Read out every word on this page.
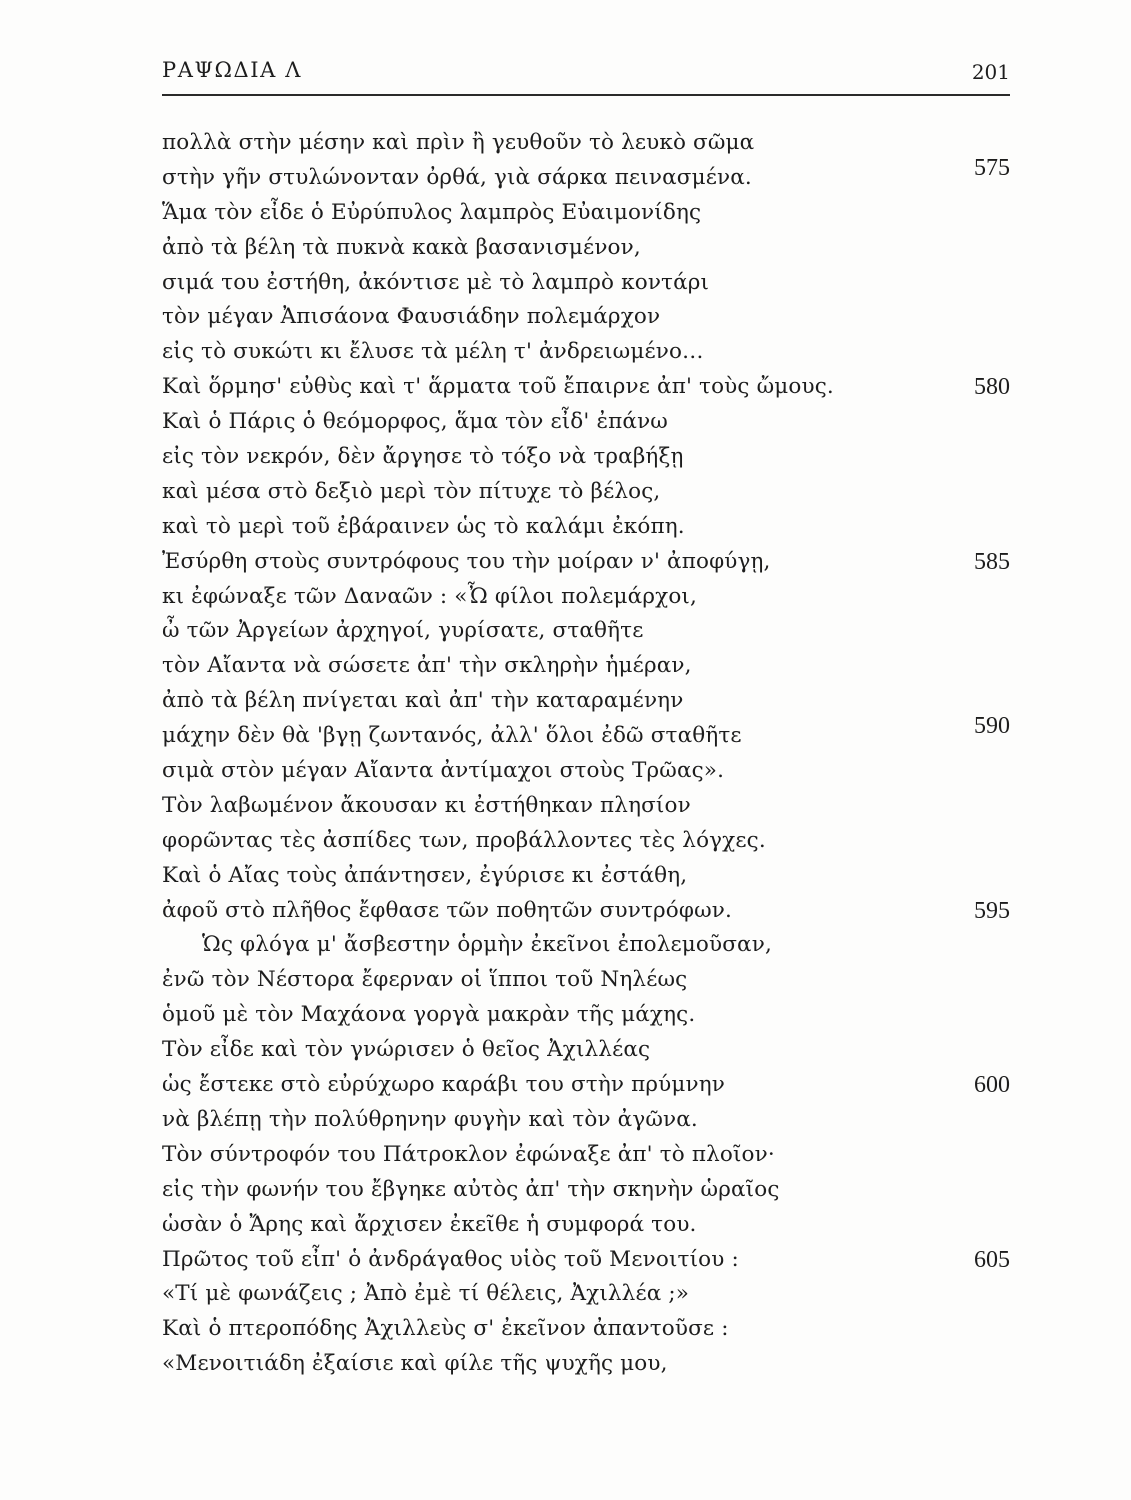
ΡΑΨΩΔΙΑ Λ	201
πολλὰ στὴν μέσην καὶ πρὶν ἢ γευθοῦν τὸ λευκὸ σῶμα
στὴν γῆν στυλώνονταν ὀρθά, γιὰ σάρκα πεινασμένα.	575
Ἅμα τὸν εἶδε ὁ Εὐρύπυλος λαμπρὸς Εὐαιμονίδης
ἀπὸ τὰ βέλη τὰ πυκνὰ κακὰ βασανισμένον,
σιμά του ἐστήθη, ἀκόντισε μὲ τὸ λαμπρὸ κοντάρι
τὸν μέγαν Ἀπισάονα Φαυσιάδην πολεμάρχον
εἰς τὸ συκώτι κι ἔλυσε τὰ μέλη τ' ἀνδρειωμένο…
Καὶ ὅρμησ' εὐθὺς καὶ τ' ἅρματα τοῦ ἔπαιρνε ἀπ' τοὺς ὤμους.	580
Καὶ ὁ Πάρις ὁ θεόμορφος, ἅμα τὸν εἶδ' ἐπάνω
εἰς τὸν νεκρόν, δὲν ἄργησε τὸ τόξο νὰ τραβήξῃ
καὶ μέσα στὸ δεξιὸ μερὶ τὸν πίτυχε τὸ βέλος,
καὶ τὸ μερὶ τοῦ ἐβάραινεν ὡς τὸ καλάμι ἐκόπη.
Ἐσύρθη στοὺς συντρόφους του τὴν μοίραν ν' ἀποφύγῃ,	585
κι ἐφώναξε τῶν Δαναῶν : «Ὦ φίλοι πολεμάρχοι,
ὦ τῶν Ἀργείων ἀρχηγοί, γυρίσατε, σταθῆτε
τὸν Αἴαντα νὰ σώσετε ἀπ' τὴν σκληρὴν ἡμέραν,
ἀπὸ τὰ βέλη πνίγεται καὶ ἀπ' τὴν καταραμένην
μάχην δὲν θὰ 'βγῃ ζωντανός, ἀλλ' ὅλοι ἐδῶ σταθῆτε	590
σιμὰ στὸν μέγαν Αἴαντα ἀντίμαχοι στοὺς Τρῶας».
Τὸν λαβωμένον ἄκουσαν κι ἐστήθηκαν πλησίον
φορῶντας τὲς ἀσπίδες των, προβάλλοντες τὲς λόγχες.
Καὶ ὁ Αἴας τοὺς ἀπάντησεν, ἐγύρισε κι ἐστάθη,
ἀφοῦ στὸ πλῆθος ἔφθασε τῶν ποθητῶν συντρόφων.	595
Ὡς φλόγα μ' ἄσβεστην ὁρμὴν ἐκεῖνοι ἐπολεμοῦσαν,
ἐνῶ τὸν Νέστορα ἔφερναν οἱ ἵπποι τοῦ Νηλέως
ὁμοῦ μὲ τὸν Μαχάονα γοργὰ μακρὰν τῆς μάχης.
Τὸν εἶδε καὶ τὸν γνώρισεν ὁ θεῖος Ἀχιλλέας
ὡς ἔστεκε στὸ εὐρύχωρο καράβι του στὴν πρύμνην	600
νὰ βλέπῃ τὴν πολύθρηνην φυγὴν καὶ τὸν ἀγῶνα.
Τὸν σύντροφόν του Πάτροκλον ἐφώναξε ἀπ' τὸ πλοῖον·
εἰς τὴν φωνήν του ἔβγηκε αὐτὸς ἀπ' τὴν σκηνὴν ὡραῖος
ὡσὰν ὁ Ἄρης καὶ ἄρχισεν ἐκεῖθε ἡ συμφορά του.
Πρῶτος τοῦ εἶπ' ὁ ἀνδράγαθος υἱὸς τοῦ Μενοιτίου :	605
«Τί μὲ φωνάζεις ; Ἀπὸ ἐμὲ τί θέλεις, Ἀχιλλέα ;»
Καὶ ὁ πτεροπόδης Ἀχιλλεὺς σ' ἐκεῖνον ἀπαντοῦσε :
«Μενοιτιάδη ἐξαίσιε καὶ φίλε τῆς ψυχῆς μου,
